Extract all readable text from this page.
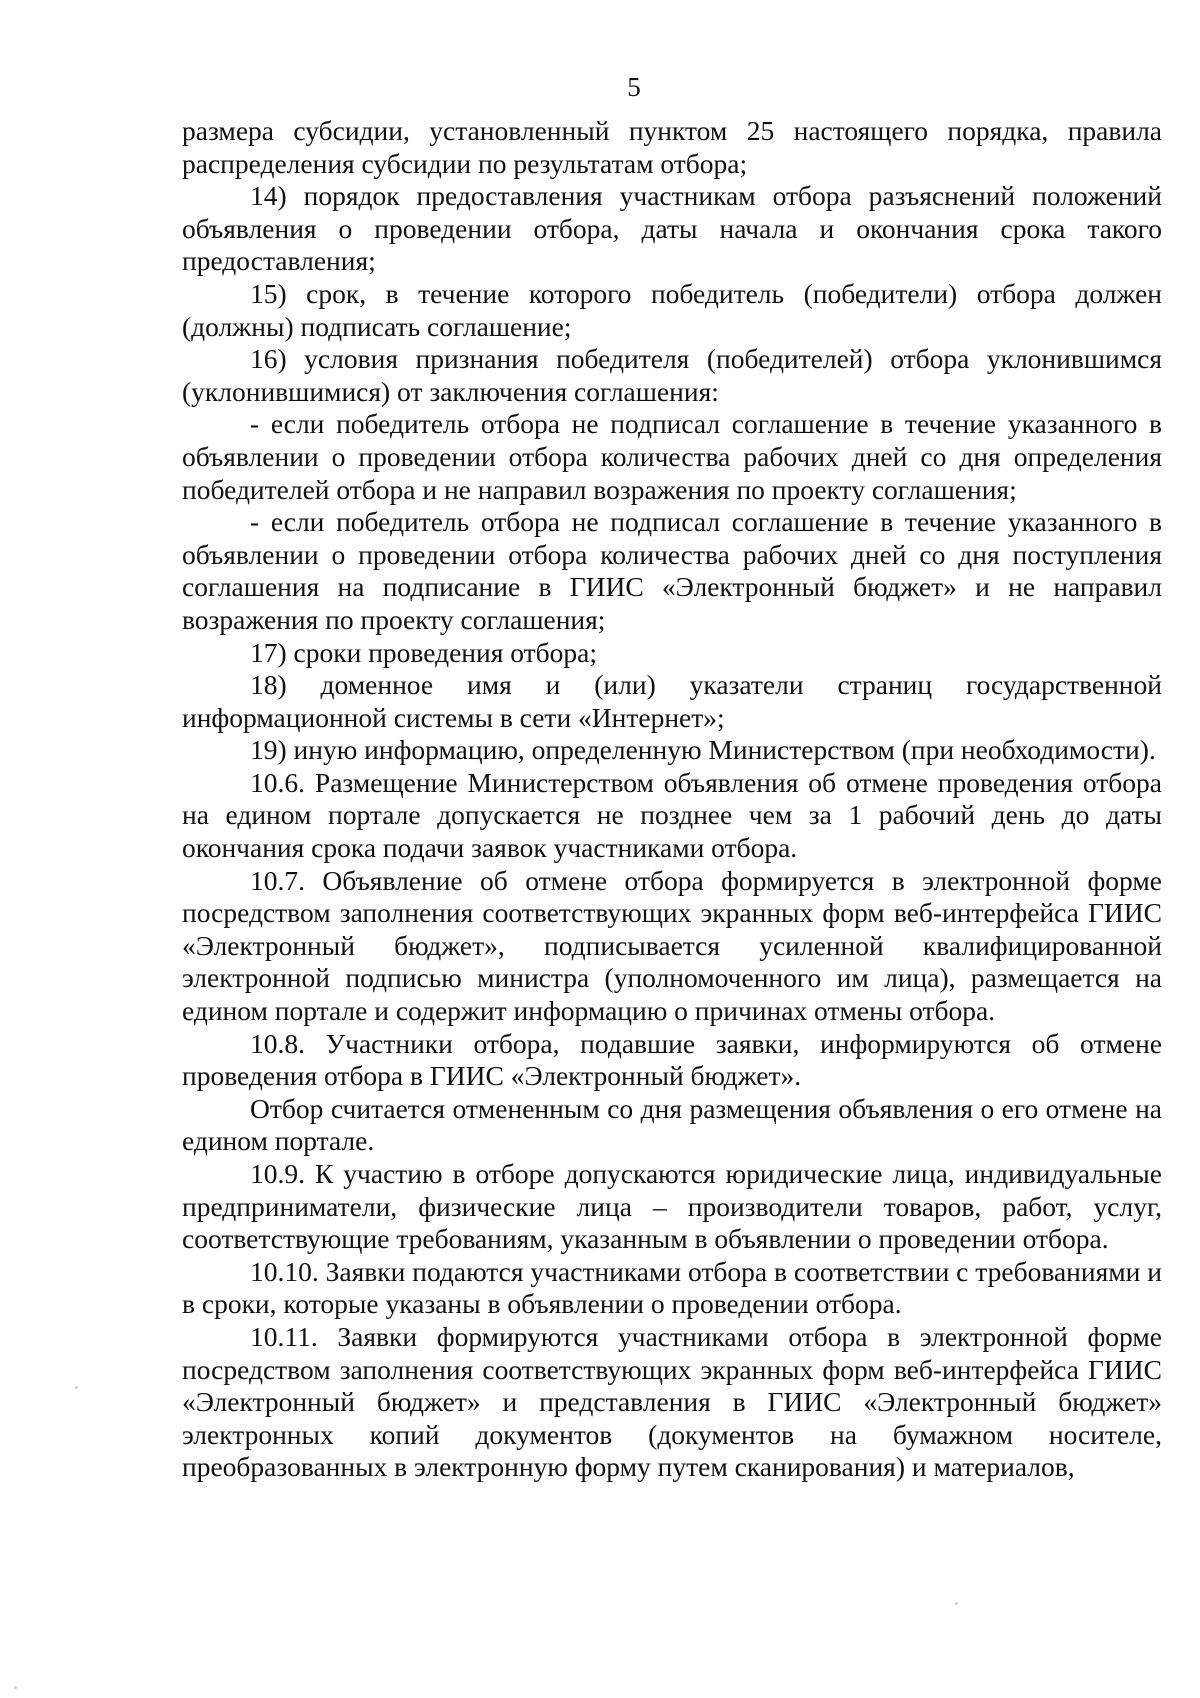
5

размера субсидии, установленный пунктом 25 настоящего порядка, правила распределения субсидии по результатам отбора;

14) порядок предоставления участникам отбора разъяснений положений объявления о проведении отбора, даты начала и окончания срока такого предоставления;

15) срок, в течение которого победитель (победители) отбора должен (должны) подписать соглашение;

16) условия признания победителя (победителей) отбора уклонившимся (уклонившимися) от заключения соглашения:

- если победитель отбора не подписал соглашение в течение указанного в объявлении о проведении отбора количества рабочих дней со дня определения победителей отбора и не направил возражения по проекту соглашения;

- если победитель отбора не подписал соглашение в течение указанного в объявлении о проведении отбора количества рабочих дней со дня поступления соглашения на подписание в ГИИС «Электронный бюджет» и не направил возражения по проекту соглашения;

17) сроки проведения отбора;

18) доменное имя и (или) указатели страниц государственной информационной системы в сети «Интернет»;

19) иную информацию, определенную Министерством (при необходимости).

10.6. Размещение Министерством объявления об отмене проведения отбора на едином портале допускается не позднее чем за 1 рабочий день до даты окончания срока подачи заявок участниками отбора.

10.7. Объявление об отмене отбора формируется в электронной форме посредством заполнения соответствующих экранных форм веб-интерфейса ГИИС «Электронный бюджет», подписывается усиленной квалифицированной электронной подписью министра (уполномоченного им лица), размещается на едином портале и содержит информацию о причинах отмены отбора.

10.8. Участники отбора, подавшие заявки, информируются об отмене проведения отбора в ГИИС «Электронный бюджет».

Отбор считается отмененным со дня размещения объявления о его отмене на едином портале.

10.9. К участию в отборе допускаются юридические лица, индивидуальные предприниматели, физические лица – производители товаров, работ, услуг, соответствующие требованиям, указанным в объявлении о проведении отбора.

10.10. Заявки подаются участниками отбора в соответствии с требованиями и в сроки, которые указаны в объявлении о проведении отбора.

10.11. Заявки формируются участниками отбора в электронной форме посредством заполнения соответствующих экранных форм веб-интерфейса ГИИС «Электронный бюджет» и представления в ГИИС «Электронный бюджет» электронных копий документов (документов на бумажном носителе, преобразованных в электронную форму путем сканирования) и материалов,
